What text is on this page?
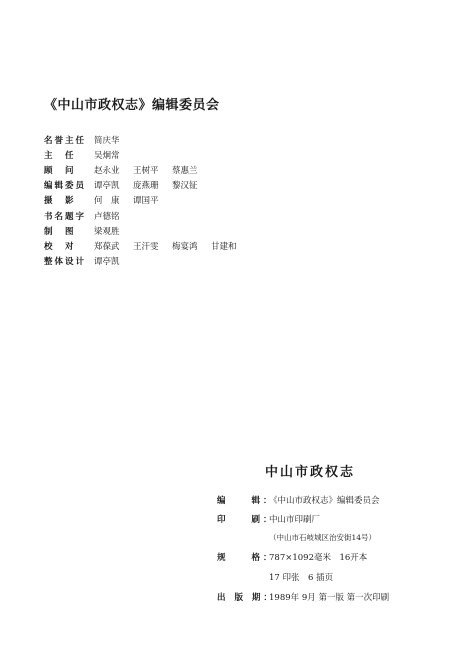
《中山市政权志》编辑委员会
名誉主任 简庆华
主　任	吴炯常
顾　问	赵永业	王树平	蔡惠兰
编辑委员 谭亭凯	庞燕珊	黎汉钲
摄　影	何　康	谭国平
书名题字 卢德铭
制　图	梁观胜
校　对	郑葆武	王汗雯	梅宴鸿	甘建和
整体设计 谭亭凯
中山市政权志
编　　辑：
《中山市政权志》编辑委员会
印　　刷：
中山市印刷厂
（中山市石岐城区治安街14号）
规　　格：
787×1092毫米　16开本
17 印张　6 插页
出 版 期：
1989年 9月 第一版 第一次印刷
